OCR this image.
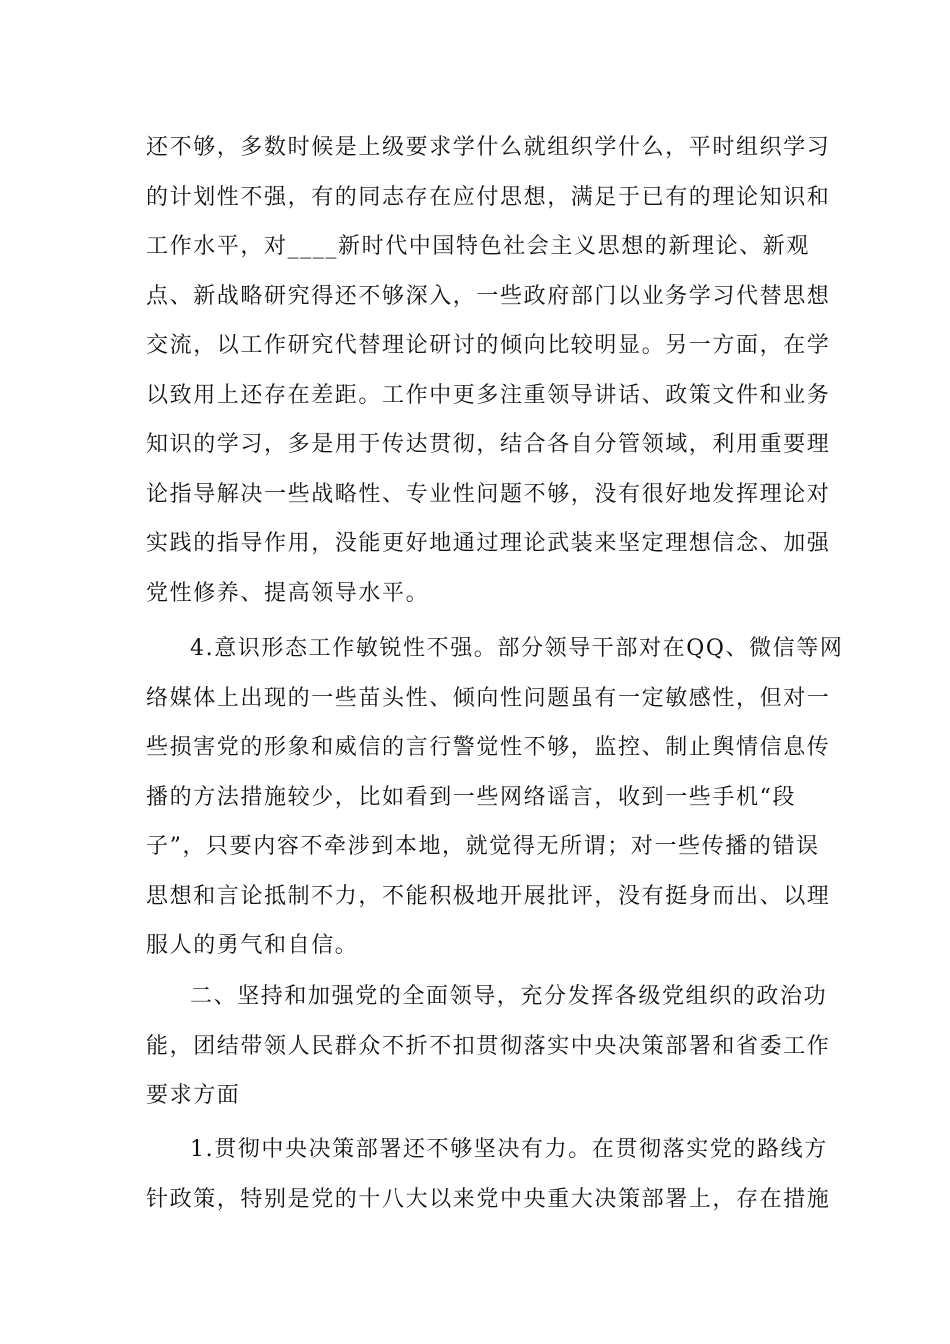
还不够，多数时候是上级要求学什么就组织学什么，平时组织学习
的计划性不强，有的同志存在应付思想，满足于已有的理论知识和
工作水平，对____新时代中国特色社会主义思想的新理论、新观
点、新战略研究得还不够深入，一些政府部门以业务学习代替思想
交流，以工作研究代替理论研讨的倾向比较明显。另一方面，在学
以致用上还存在差距。工作中更多注重领导讲话、政策文件和业务
知识的学习，多是用于传达贯彻，结合各自分管领域，利用重要理
论指导解决一些战略性、专业性问题不够，没有很好地发挥理论对
实践的指导作用，没能更好地通过理论武装来坚定理想信念、加强
党性修养、提高领导水平。
4.意识形态工作敏锐性不强。部分领导干部对在QQ、微信等网
络媒体上出现的一些苗头性、倾向性问题虽有一定敏感性，但对一
些损害党的形象和威信的言行警觉性不够，监控、制止舆情信息传
播的方法措施较少，比如看到一些网络谣言，收到一些手机“段
子”，只要内容不牵涉到本地，就觉得无所谓；对一些传播的错误
思想和言论抵制不力，不能积极地开展批评，没有挺身而出、以理
服人的勇气和自信。
二、坚持和加强党的全面领导，充分发挥各级党组织的政治功
能，团结带领人民群众不折不扣贯彻落实中央决策部署和省委工作
要求方面
1.贯彻中央决策部署还不够坚决有力。在贯彻落实党的路线方
针政策，特别是党的十八大以来党中央重大决策部署上，存在措施
